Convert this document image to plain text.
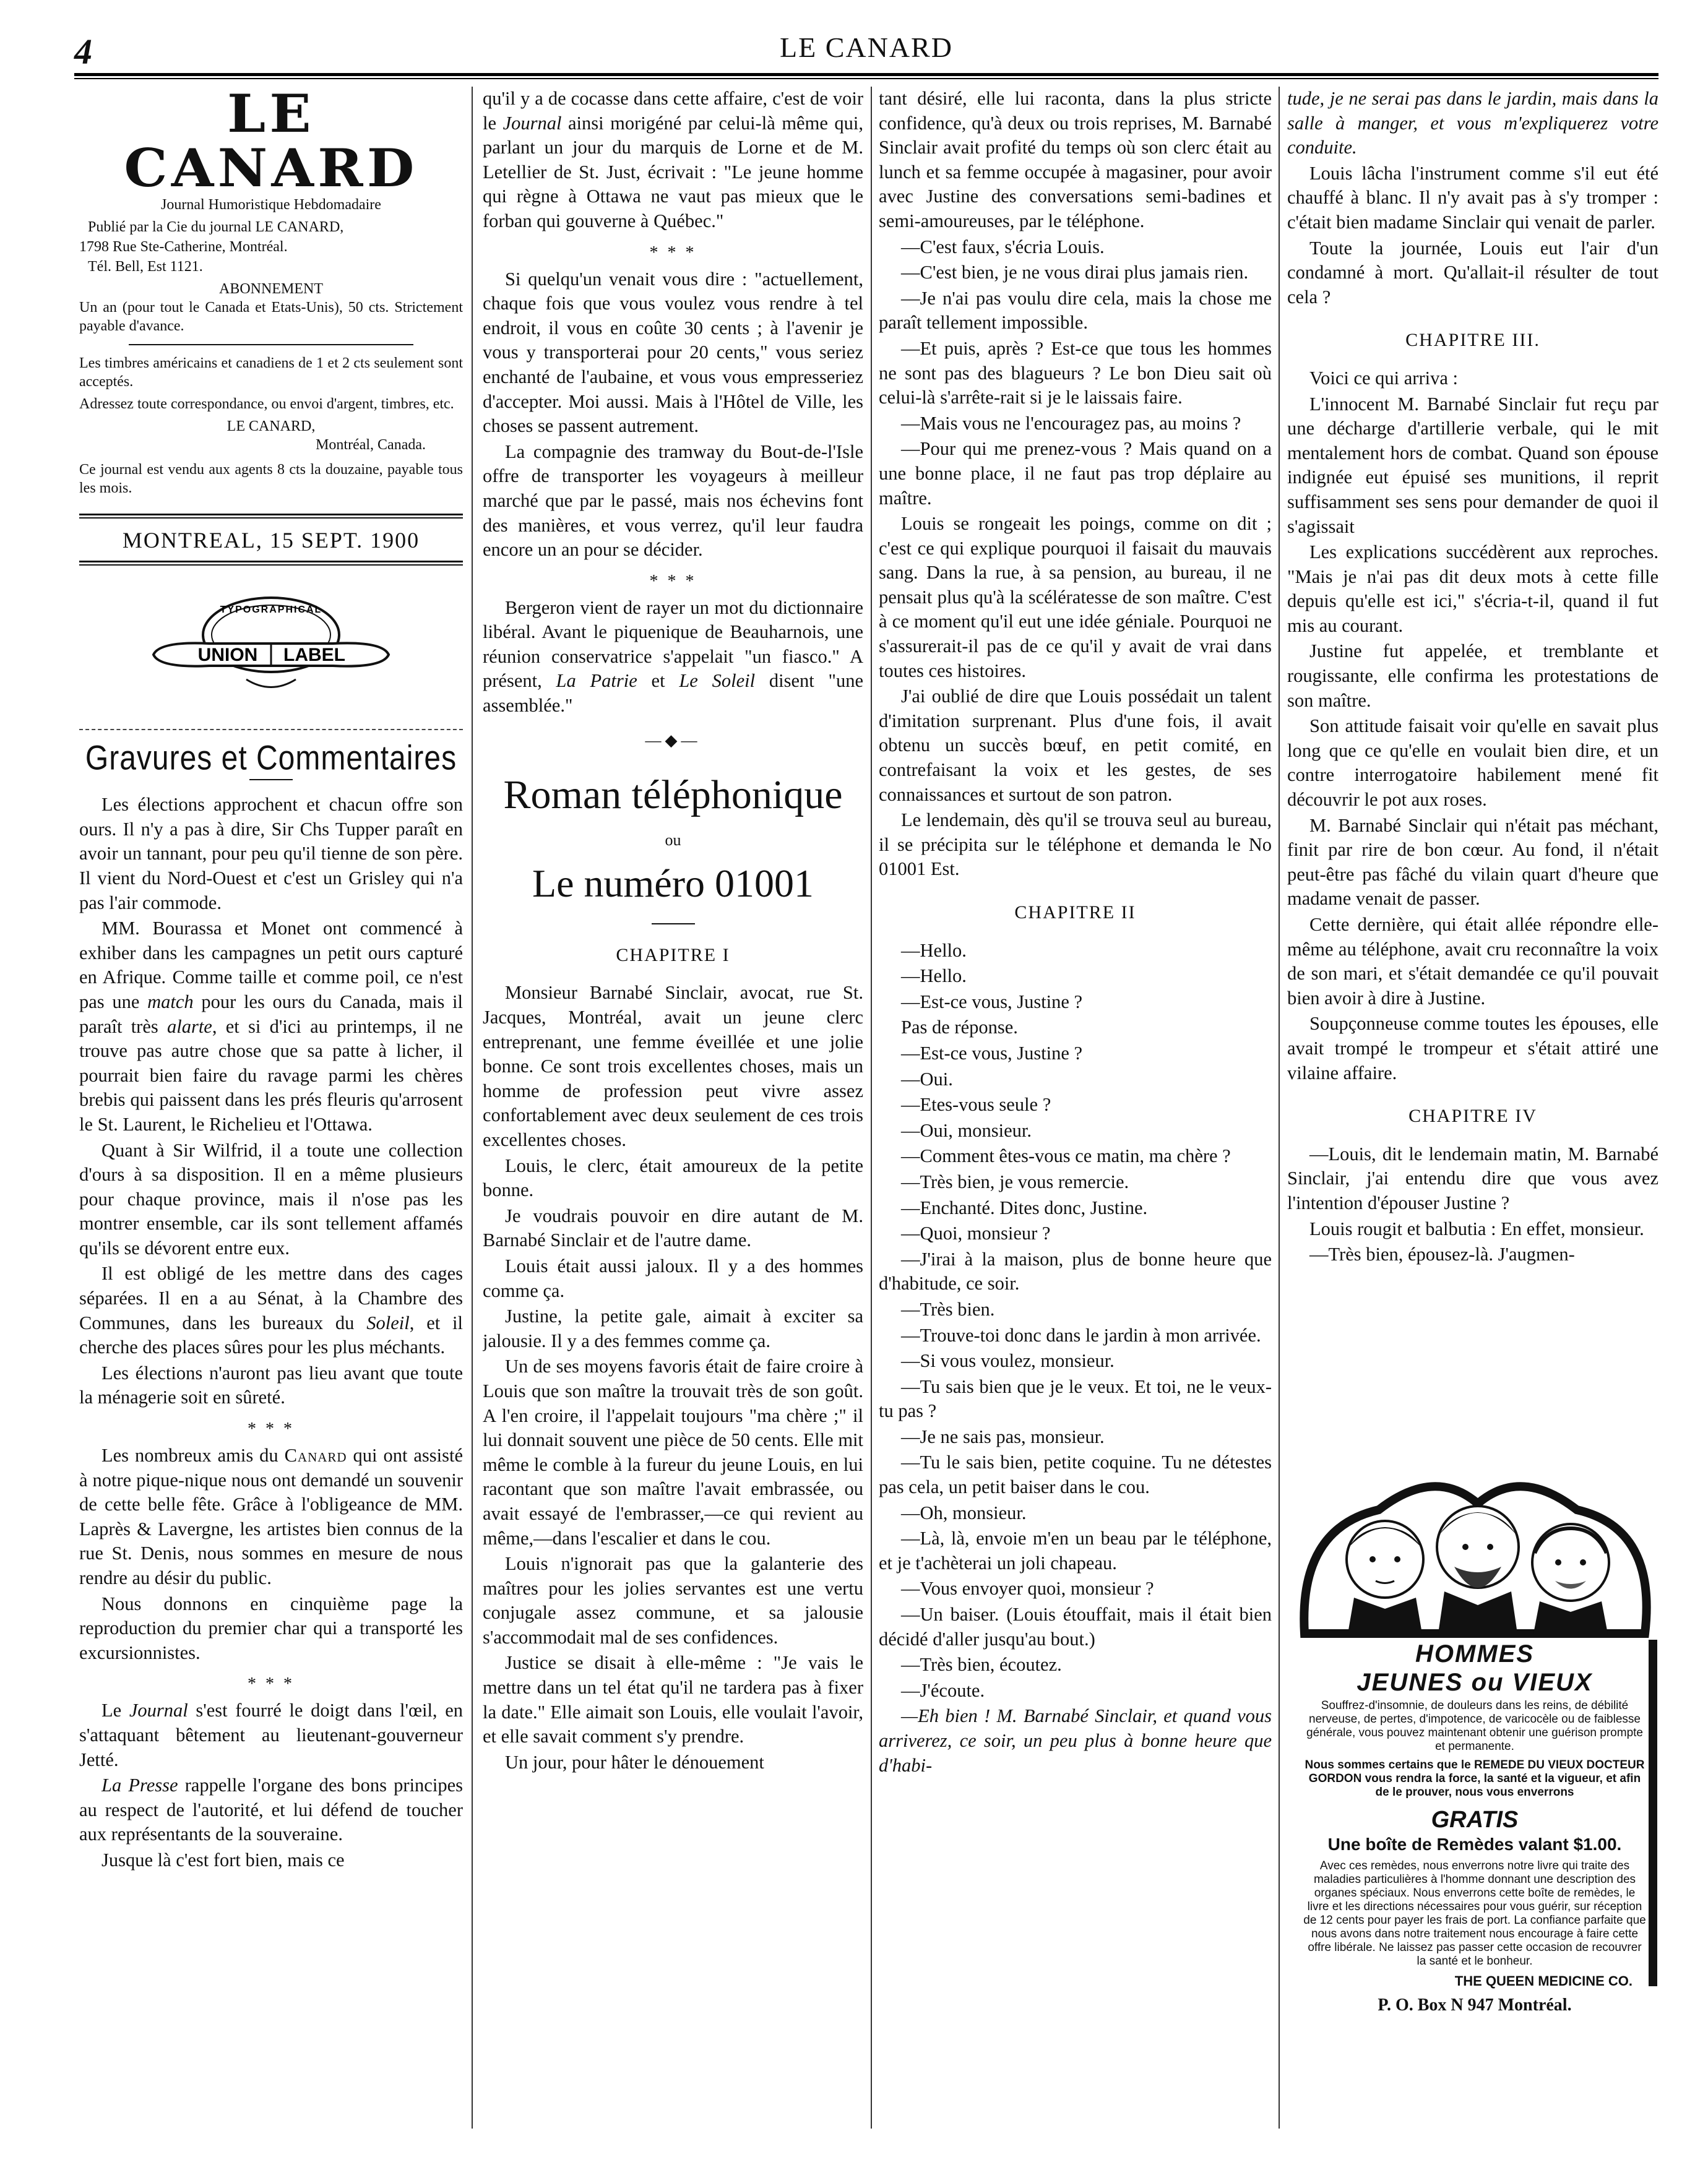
4	LE CANARD
LE CANARD
Journal Humoristique Hebdomadaire

Publié par la Cie du journal LE CANARD,

1798 Rue Ste-Catherine, Montréal.

Tél. Bell, Est 1121.

ABONNEMENT
Un an (pour tout le Canada et Etats-Unis), 50 cts. Strictement payable d'avance.
Les timbres américains et canadiens de 1 et 2 cts seulement sont acceptés.
Adressez toute correspondance, ou envoi d'argent, timbres, etc.
LE CANARD,
Montréal, Canada.
Ce journal est vendu aux agents 8 cts la douzaine, payable tous les mois.
MONTREAL, 15 SEPT. 1900
TYPOGRAPHICAL
UNION LABEL
Gravures et Commentaires

Les élections approchent et chacun offre son ours. Il n'y a pas à dire, Sir Chs Tupper paraît en avoir un tannant, pour peu qu'il tienne de son père. Il vient du Nord-Ouest et c'est un Grisley qui n'a pas l'air commode.

MM. Bourassa et Monet ont commencé à exhiber dans les campagnes un petit ours capturé en Afrique. Comme taille et comme poil, ce n'est pas une match pour les ours du Canada, mais il paraît très alarte, et si d'ici au printemps, il ne trouve pas autre chose que sa patte à licher, il pourrait bien faire du ravage parmi les chères brebis qui paissent dans les prés fleuris qu'arrosent le St. Laurent, le Richelieu et l'Ottawa.

Quant à Sir Wilfrid, il a toute une collection d'ours à sa disposition. Il en a même plusieurs pour chaque province, mais il n'ose pas les montrer ensemble, car ils sont tellement affamés qu'ils se dévorent entre eux.

Il est obligé de les mettre dans des cages séparées. Il en a au Sénat, à la Chambre des Communes, dans les bureaux du Soleil, et il cherche des places sûres pour les plus méchants.

Les élections n'auront pas lieu avant que toute la ménagerie soit en sûreté.

* * *

Les nombreux amis du Canard qui ont assisté à notre pique-nique nous ont demandé un souvenir de cette belle fête. Grâce à l'obligeance de MM. Laprès & Lavergne, les artistes bien connus de la rue St. Denis, nous sommes en mesure de nous rendre au désir du public.

Nous donnons en cinquième page la reproduction du premier char qui a transporté les excursionnistes.

* * *

Le Journal s'est fourré le doigt dans l'œil, en s'attaquant bêtement au lieutenant-gouverneur Jetté.

La Presse rappelle l'organe des bons principes au respect de l'autorité, et lui défend de toucher aux représentants de la souveraine.

Jusque là c'est fort bien, mais ce

qu'il y a de cocasse dans cette affaire, c'est de voir le Journal ainsi morigéné par celui-là même qui, parlant un jour du marquis de Lorne et de M. Letellier de St. Just, écrivait : "Le jeune homme qui règne à Ottawa ne vaut pas mieux que le forban qui gouverne à Québec."

* * *

Si quelqu'un venait vous dire : "actuellement, chaque fois que vous voulez vous rendre à tel endroit, il vous en coûte 30 cents ; à l'avenir je vous y transporterai pour 20 cents," vous seriez enchanté de l'aubaine, et vous vous empresseriez d'accepter. Moi aussi. Mais à l'Hôtel de Ville, les choses se passent autrement.

La compagnie des tramway du Bout-de-l'Isle offre de transporter les voyageurs à meilleur marché que par le passé, mais nos échevins font des manières, et vous verrez, qu'il leur faudra encore un an pour se décider.

* * *

Bergeron vient de rayer un mot du dictionnaire libéral. Avant le piquenique de Beauharnois, une réunion conservatrice s'appelait "un fiasco." A présent, La Patrie et Le Soleil disent "une assemblée."

—◆—
Roman téléphonique
ou
Le numéro 01001
CHAPITRE I

Monsieur Barnabé Sinclair, avocat, rue St. Jacques, Montréal, avait un jeune clerc entreprenant, une femme éveillée et une jolie bonne. Ce sont trois excellentes choses, mais un homme de profession peut vivre assez confortablement avec deux seulement de ces trois excellentes choses.

Louis, le clerc, était amoureux de la petite bonne.

Je voudrais pouvoir en dire autant de M. Barnabé Sinclair et de l'autre dame.

Louis était aussi jaloux. Il y a des hommes comme ça.

Justine, la petite gale, aimait à exciter sa jalousie. Il y a des femmes comme ça.

Un de ses moyens favoris était de faire croire à Louis que son maître la trouvait très de son goût. A l'en croire, il l'appelait toujours "ma chère ;" il lui donnait souvent une pièce de 50 cents. Elle mit même le comble à la fureur du jeune Louis, en lui racontant que son maître l'avait embrassée, ou avait essayé de l'embrasser,—ce qui revient au même,—dans l'escalier et dans le cou.

Louis n'ignorait pas que la galanterie des maîtres pour les jolies servantes est une vertu conjugale assez commune, et sa jalousie s'accommodait mal de ses confidences.

Justice se disait à elle-même : "Je vais le mettre dans un tel état qu'il ne tardera pas à fixer la date." Elle aimait son Louis, elle voulait l'avoir, et elle savait comment s'y prendre.

Un jour, pour hâter le dénouement

tant désiré, elle lui raconta, dans la plus stricte confidence, qu'à deux ou trois reprises, M. Barnabé Sinclair avait profité du temps où son clerc était au lunch et sa femme occupée à magasiner, pour avoir avec Justine des conversations semi-badines et semi-amoureuses, par le téléphone.

—C'est faux, s'écria Louis.

—C'est bien, je ne vous dirai plus jamais rien.

—Je n'ai pas voulu dire cela, mais la chose me paraît tellement impossible.

—Et puis, après ? Est-ce que tous les hommes ne sont pas des blagueurs ? Le bon Dieu sait où celui-là s'arrête-rait si je le laissais faire.

—Mais vous ne l'encouragez pas, au moins ?

—Pour qui me prenez-vous ? Mais quand on a une bonne place, il ne faut pas trop déplaire au maître.

Louis se rongeait les poings, comme on dit ; c'est ce qui explique pourquoi il faisait du mauvais sang. Dans la rue, à sa pension, au bureau, il ne pensait plus qu'à la scélératesse de son maître. C'est à ce moment qu'il eut une idée géniale. Pourquoi ne s'assurerait-il pas de ce qu'il y avait de vrai dans toutes ces histoires.

J'ai oublié de dire que Louis possédait un talent d'imitation surprenant. Plus d'une fois, il avait obtenu un succès bœuf, en petit comité, en contrefaisant la voix et les gestes, de ses connaissances et surtout de son patron.

Le lendemain, dès qu'il se trouva seul au bureau, il se précipita sur le téléphone et demanda le No 01001 Est.

CHAPITRE II

—Hello.

—Hello.

—Est-ce vous, Justine ?

Pas de réponse.

—Est-ce vous, Justine ?

—Oui.

—Etes-vous seule ?

—Oui, monsieur.

—Comment êtes-vous ce matin, ma chère ?

—Très bien, je vous remercie.

—Enchanté. Dites donc, Justine.

—Quoi, monsieur ?

—J'irai à la maison, plus de bonne heure que d'habitude, ce soir.

—Très bien.

—Trouve-toi donc dans le jardin à mon arrivée.

—Si vous voulez, monsieur.

—Tu sais bien que je le veux. Et toi, ne le veux-tu pas ?

—Je ne sais pas, monsieur.

—Tu le sais bien, petite coquine. Tu ne détestes pas cela, un petit baiser dans le cou.

—Oh, monsieur.

—Là, là, envoie m'en un beau par le téléphone, et je t'achèterai un joli chapeau.

—Vous envoyer quoi, monsieur ?

—Un baiser. (Louis étouffait, mais il était bien décidé d'aller jusqu'au bout.)

—Très bien, écoutez.

—J'écoute.

—Eh bien ! M. Barnabé Sinclair, et quand vous arriverez, ce soir, un peu plus à bonne heure que d'habi-

tude, je ne serai pas dans le jardin, mais dans la salle à manger, et vous m'expliquerez votre conduite.

Louis lâcha l'instrument comme s'il eut été chauffé à blanc. Il n'y avait pas à s'y tromper : c'était bien madame Sinclair qui venait de parler.

Toute la journée, Louis eut l'air d'un condamné à mort. Qu'allait-il résulter de tout cela ?

CHAPITRE III.

Voici ce qui arriva :

L'innocent M. Barnabé Sinclair fut reçu par une décharge d'artillerie verbale, qui le mit mentalement hors de combat. Quand son épouse indignée eut épuisé ses munitions, il reprit suffisamment ses sens pour demander de quoi il s'agissait

Les explications succédèrent aux reproches. "Mais je n'ai pas dit deux mots à cette fille depuis qu'elle est ici," s'écria-t-il, quand il fut mis au courant.

Justine fut appelée, et tremblante et rougissante, elle confirma les protestations de son maître.

Son attitude faisait voir qu'elle en savait plus long que ce qu'elle en voulait bien dire, et un contre interrogatoire habilement mené fit découvrir le pot aux roses.

M. Barnabé Sinclair qui n'était pas méchant, finit par rire de bon cœur. Au fond, il n'était peut-être pas fâché du vilain quart d'heure que madame venait de passer.

Cette dernière, qui était allée répondre elle-même au téléphone, avait cru reconnaître la voix de son mari, et s'était demandée ce qu'il pouvait bien avoir à dire à Justine.

Soupçonneuse comme toutes les épouses, elle avait trompé le trompeur et s'était attiré une vilaine affaire.

CHAPITRE IV

—Louis, dit le lendemain matin, M. Barnabé Sinclair, j'ai entendu dire que vous avez l'intention d'épouser Justine ?

Louis rougit et balbutia : En effet, monsieur.

—Très bien, épousez-là. J'augmen-

HOMMES
JEUNES ou VIEUX
Souffrez-d'insomnie, de douleurs dans les reins, de débilité nerveuse, de pertes, d'impotence, de varicocèle ou de faiblesse générale, vous pouvez maintenant obtenir une guérison prompte et permanente.
Nous sommes certains que le REMEDE DU VIEUX DOCTEUR GORDON vous rendra la force, la santé et la vigueur, et afin de le prouver, nous vous enverrons
GRATIS
Une boîte de Remèdes valant $1.00.
Avec ces remèdes, nous enverrons notre livre qui traite des maladies particulières à l'homme donnant une description des organes spéciaux. Nous enverrons cette boîte de remèdes, le livre et les directions nécessaires pour vous guérir, sur réception de 12 cents pour payer les frais de port. La confiance parfaite que nous avons dans notre traitement nous encourage à faire cette offre libérale. Ne laissez pas passer cette occasion de recouvrer la santé et le bonheur.
THE QUEEN MEDICINE CO.
P. O. Box N 947 Montréal.
